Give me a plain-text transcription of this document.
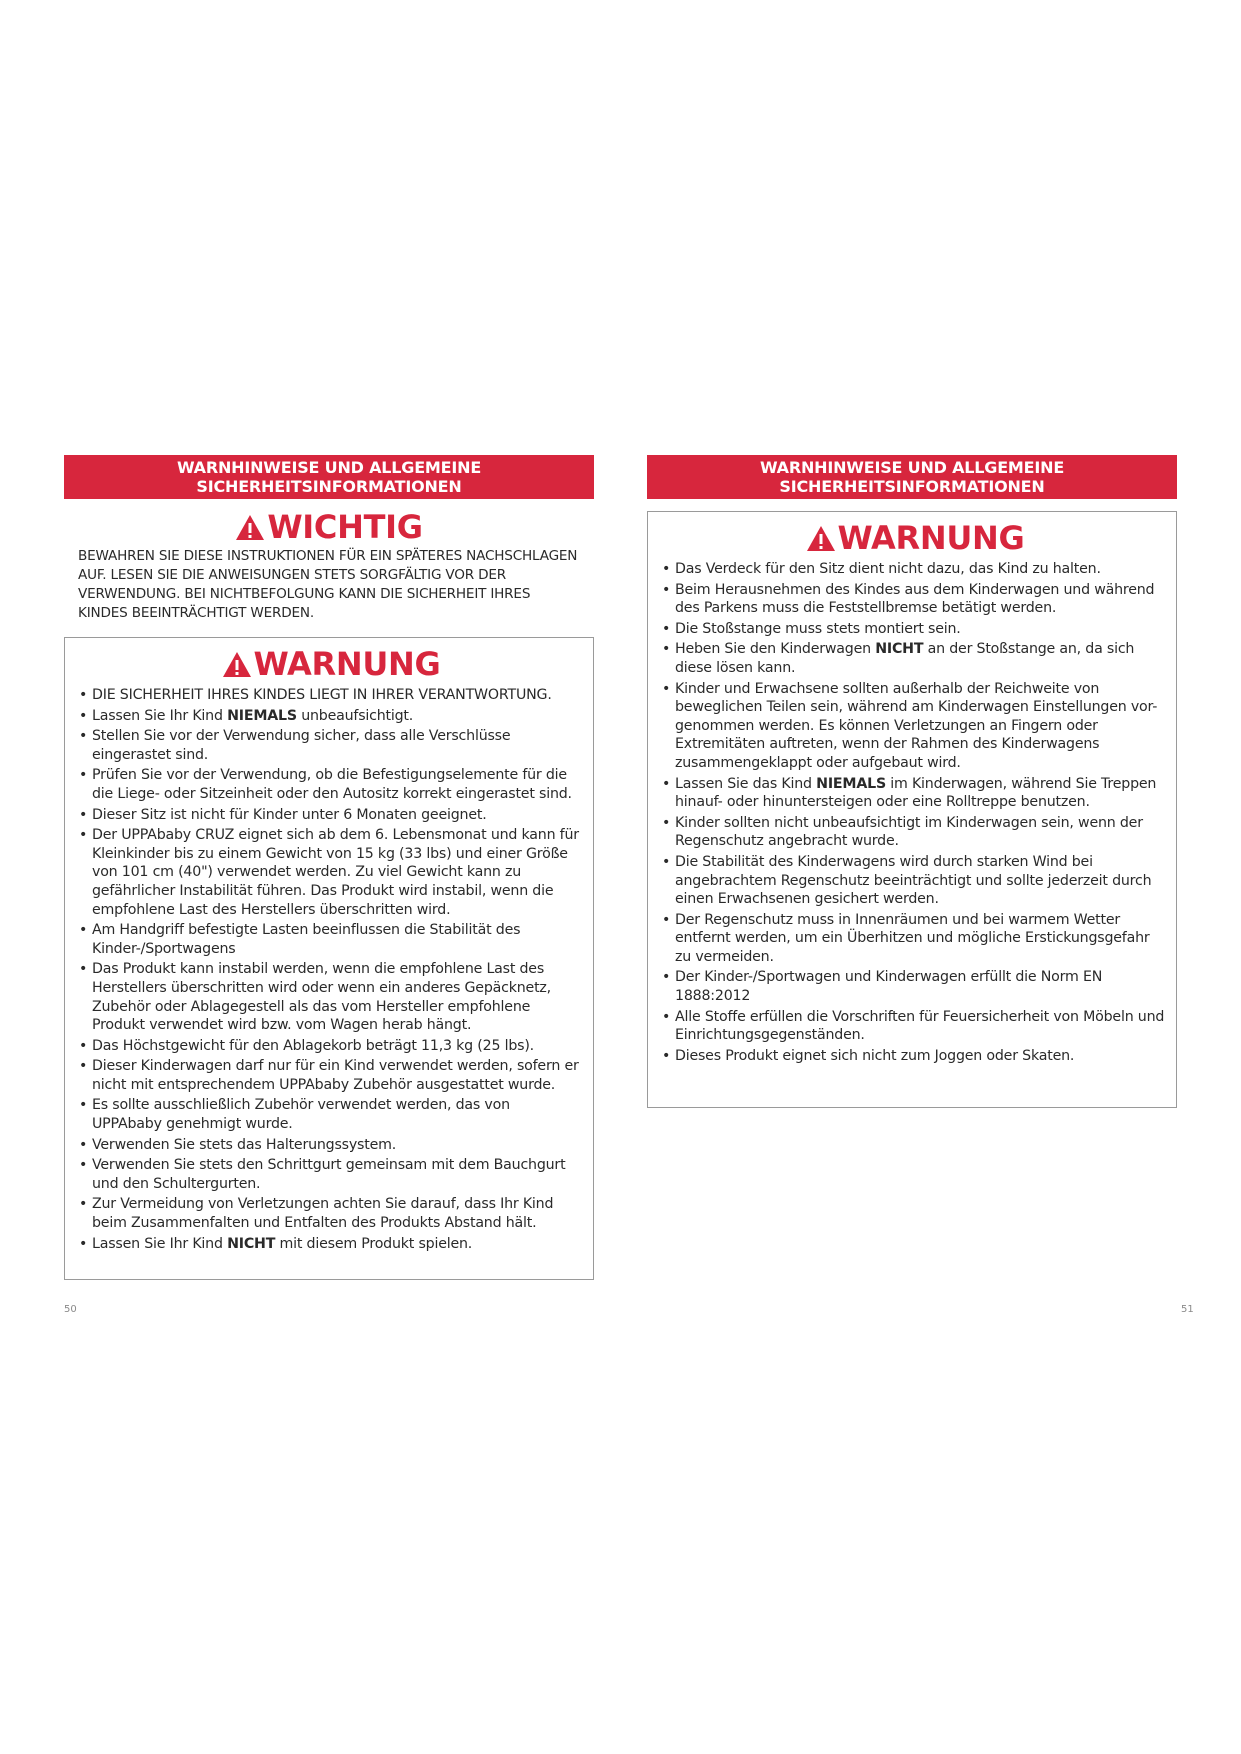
WARNHINWEISE UND ALLGEMEINE
SICHERHEITSINFORMATIONEN
WICHTIG
BEWAHREN SIE DIESE INSTRUKTIONEN FÜR EIN SPÄTERES NACHSCHLAGEN AUF. LESEN SIE DIE ANWEISUNGEN STETS SORGFÄLTIG VOR DER VERWENDUNG. BEI NICHTBEFOLGUNG KANN DIE SICHERHEIT IHRES KINDES BEEINTRÄCHTIGT WERDEN.
WARNUNG
• DIE SICHERHEIT IHRES KINDES LIEGT IN IHRER VERANTWORTUNG.
• Lassen Sie Ihr Kind NIEMALS unbeaufsichtigt.
• Stellen Sie vor der Verwendung sicher, dass alle Verschlüsse eingerastet sind.
• Prüfen Sie vor der Verwendung, ob die Befestigungselemente für die die Liege- oder Sitzeinheit oder den Autositz korrekt eingerastet sind.
• Dieser Sitz ist nicht für Kinder unter 6 Monaten geeignet.
• Der UPPAbaby CRUZ eignet sich ab dem 6. Lebensmonat und kann für Kleinkinder bis zu einem Gewicht von 15 kg (33 lbs) und einer Größe von 101 cm (40") verwendet werden. Zu viel Gewicht kann zu gefährlicher Instabilität führen. Das Produkt wird instabil, wenn die empfohlene Last des Herstellers überschritten wird.
• Am Handgriff befestigte Lasten beeinflussen die Stabilität des Kinder-/Sportwagens
• Das Produkt kann instabil werden, wenn die empfohlene Last des Herstellers überschritten wird oder wenn ein anderes Gepäcknetz, Zubehör oder Ablagegestell als das vom Hersteller empfohlene Produkt verwendet wird bzw. vom Wagen herab hängt.
• Das Höchstgewicht für den Ablagekorb beträgt 11,3 kg (25 lbs).
• Dieser Kinderwagen darf nur für ein Kind verwendet werden, sofern er nicht mit entsprechendem UPPAbaby Zubehör ausgestattet wurde.
• Es sollte ausschließlich Zubehör verwendet werden, das von UPPAbaby genehmigt wurde.
• Verwenden Sie stets das Halterungssystem.
• Verwenden Sie stets den Schrittgurt gemeinsam mit dem Bauchgurt und den Schultergurten.
• Zur Vermeidung von Verletzungen achten Sie darauf, dass Ihr Kind beim Zusammenfalten und Entfalten des Produkts Abstand hält.
• Lassen Sie Ihr Kind NICHT mit diesem Produkt spielen.
WARNHINWEISE UND ALLGEMEINE
SICHERHEITSINFORMATIONEN
WARNUNG
• Das Verdeck für den Sitz dient nicht dazu, das Kind zu halten.
• Beim Herausnehmen des Kindes aus dem Kinderwagen und während des Parkens muss die Feststellbremse betätigt werden.
• Die Stoßstange muss stets montiert sein.
• Heben Sie den Kinderwagen NICHT an der Stoßstange an, da sich diese lösen kann.
• Kinder und Erwachsene sollten außerhalb der Reichweite von beweglichen Teilen sein, während am Kinderwagen Einstellungen vor-genommen werden. Es können Verletzungen an Fingern oder Extremitäten auftreten, wenn der Rahmen des Kinderwagens zusammengeklappt oder aufgebaut wird.
• Lassen Sie das Kind NIEMALS im Kinderwagen, während Sie Treppen hinauf- oder hinuntersteigen oder eine Rolltreppe benutzen.
• Kinder sollten nicht unbeaufsichtigt im Kinderwagen sein, wenn der Regenschutz angebracht wurde.
• Die Stabilität des Kinderwagens wird durch starken Wind bei angebrachtem Regenschutz beeinträchtigt und sollte jederzeit durch einen Erwachsenen gesichert werden.
• Der Regenschutz muss in Innenräumen und bei warmem Wetter entfernt werden, um ein Überhitzen und mögliche Erstickungsgefahr zu vermeiden.
• Der Kinder-/Sportwagen und Kinderwagen erfüllt die Norm EN 1888:2012
• Alle Stoffe erfüllen die Vorschriften für Feuersicherheit von Möbeln und Einrichtungsgegenständen.
• Dieses Produkt eignet sich nicht zum Joggen oder Skaten.
50	51
